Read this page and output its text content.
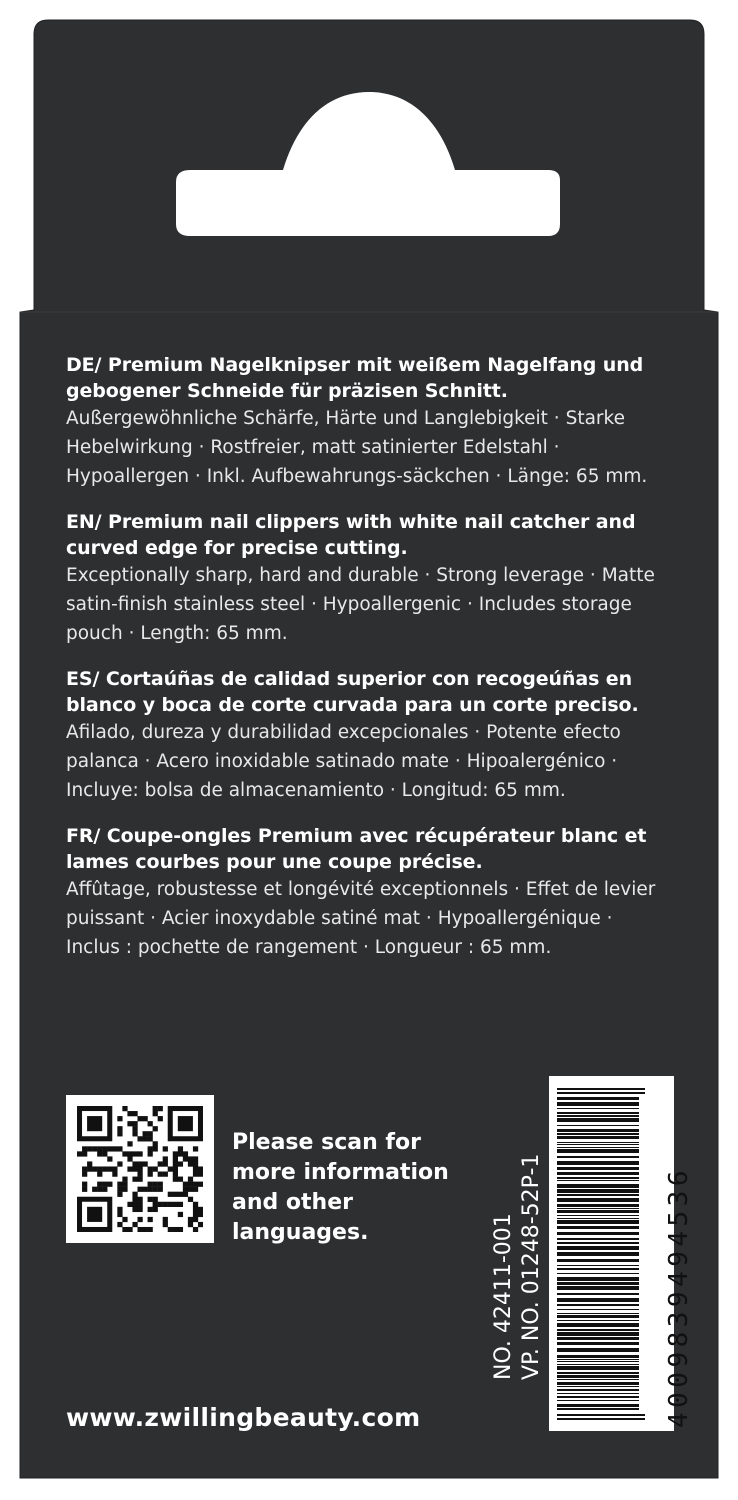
DE/ Premium Nagelknipser mit weißem Nagelfang und gebogener Schneide für präzisen Schnitt.

Außergewöhnliche Schärfe, Härte und Langlebigkeit · Starke Hebelwirkung · Rostfreier, matt satinierter Edelstahl · Hypoallergen · Inkl. Aufbewahrungs-säckchen · Länge: 65 mm.

EN/ Premium nail clippers with white nail catcher and curved edge for precise cutting.

Exceptionally sharp, hard and durable · Strong leverage · Matte satin-finish stainless steel · Hypoallergenic · Includes storage pouch · Length: 65 mm.

ES/ Cortaúñas de calidad superior con recogeúñas en blanco y boca de corte curvada para un corte preciso.

Afilado, dureza y durabilidad excepcionales · Potente efecto palanca · Acero inoxidable satinado mate · Hipoalergénico · Incluye: bolsa de almacenamiento · Longitud: 65 mm.

FR/ Coupe-ongles Premium avec récupérateur blanc et lames courbes pour une coupe précise.

Affûtage, robustesse et longévité exceptionnels · Effet de levier puissant · Acier inoxydable satiné mat · Hypoallergénique · Inclus : pochette de rangement · Longueur : 65 mm.

Please scan for more information and other languages.	NO. 42411-001 VP. NO. 01248-52P-1	4009839494536
www.zwillingbeauty.com
